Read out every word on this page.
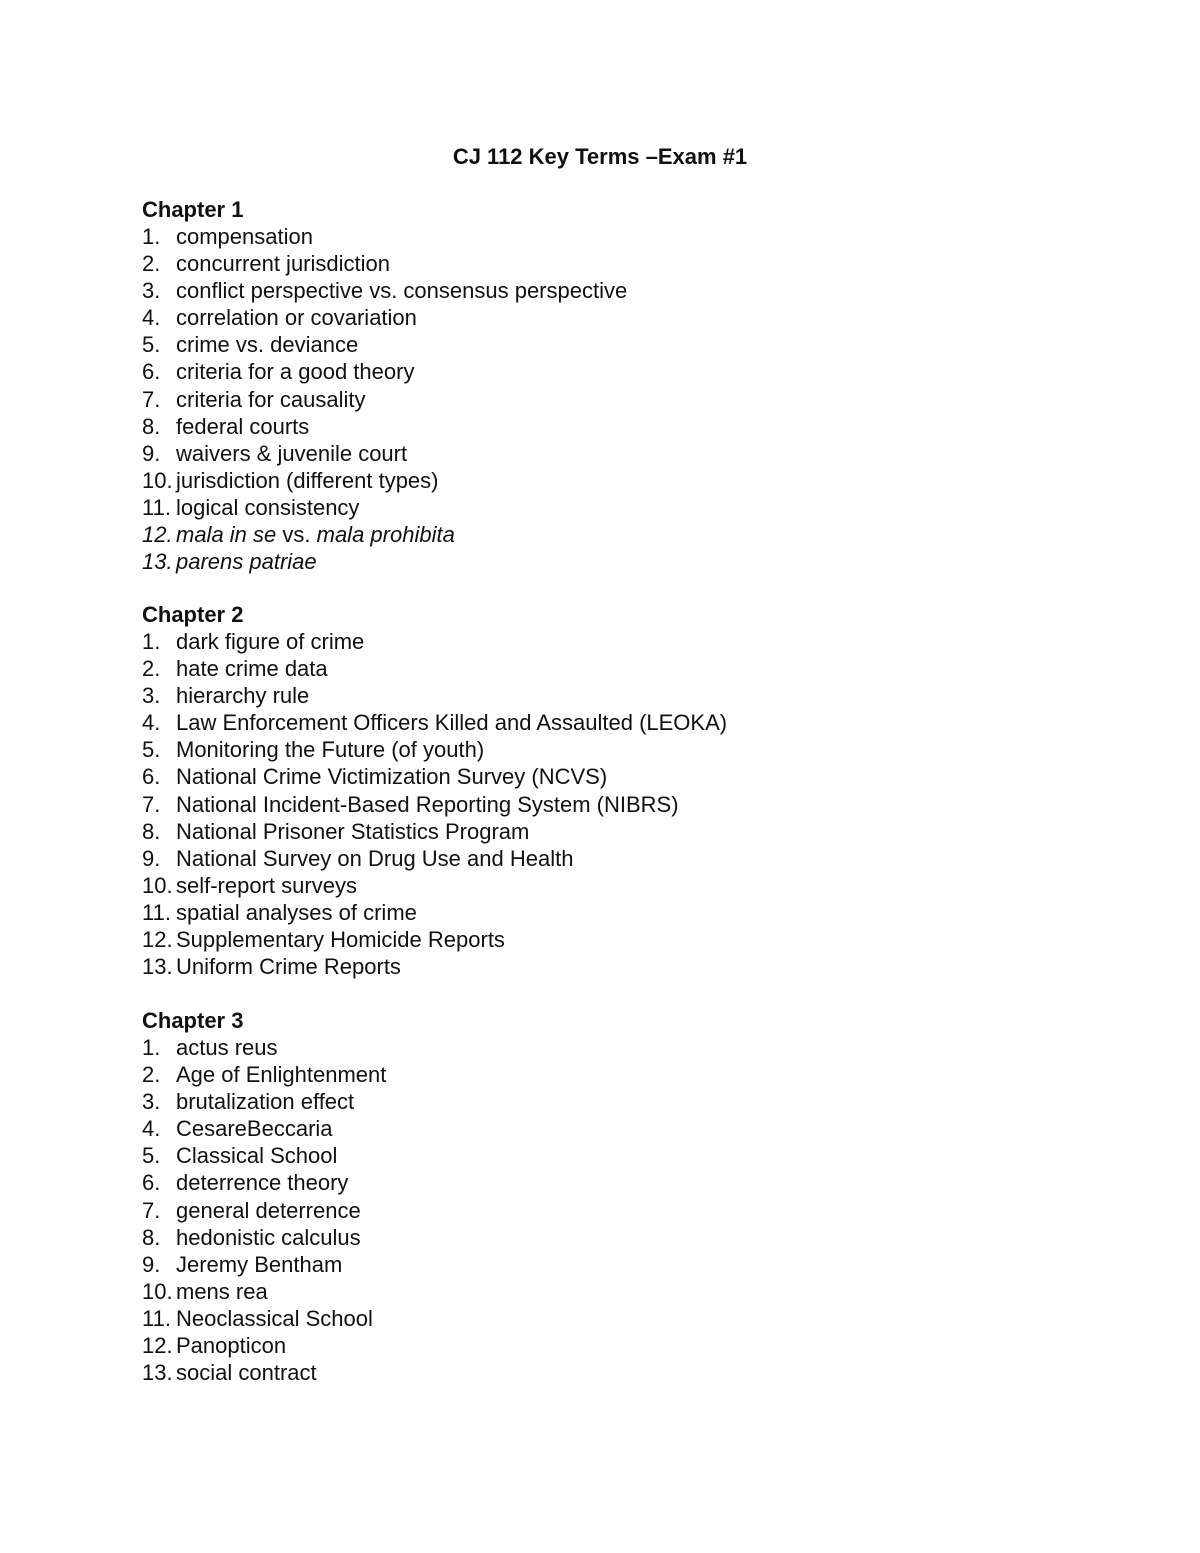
CJ 112 Key Terms –Exam #1
Chapter 1
1. compensation
2. concurrent jurisdiction
3. conflict perspective vs. consensus perspective
4. correlation or covariation
5. crime vs. deviance
6. criteria for a good theory
7. criteria for causality
8. federal courts
9. waivers & juvenile court
10. jurisdiction (different types)
11. logical consistency
12. mala in se vs. mala prohibita
13. parens patriae
Chapter 2
1. dark figure of crime
2. hate crime data
3. hierarchy rule
4. Law Enforcement Officers Killed and Assaulted (LEOKA)
5. Monitoring the Future (of youth)
6. National Crime Victimization Survey (NCVS)
7. National Incident-Based Reporting System (NIBRS)
8. National Prisoner Statistics Program
9. National Survey on Drug Use and Health
10. self-report surveys
11. spatial analyses of crime
12. Supplementary Homicide Reports
13. Uniform Crime Reports
Chapter 3
1. actus reus
2. Age of Enlightenment
3. brutalization effect
4. CesareBeccaria
5. Classical School
6. deterrence theory
7. general deterrence
8. hedonistic calculus
9. Jeremy Bentham
10. mens rea
11. Neoclassical School
12. Panopticon
13. social contract
